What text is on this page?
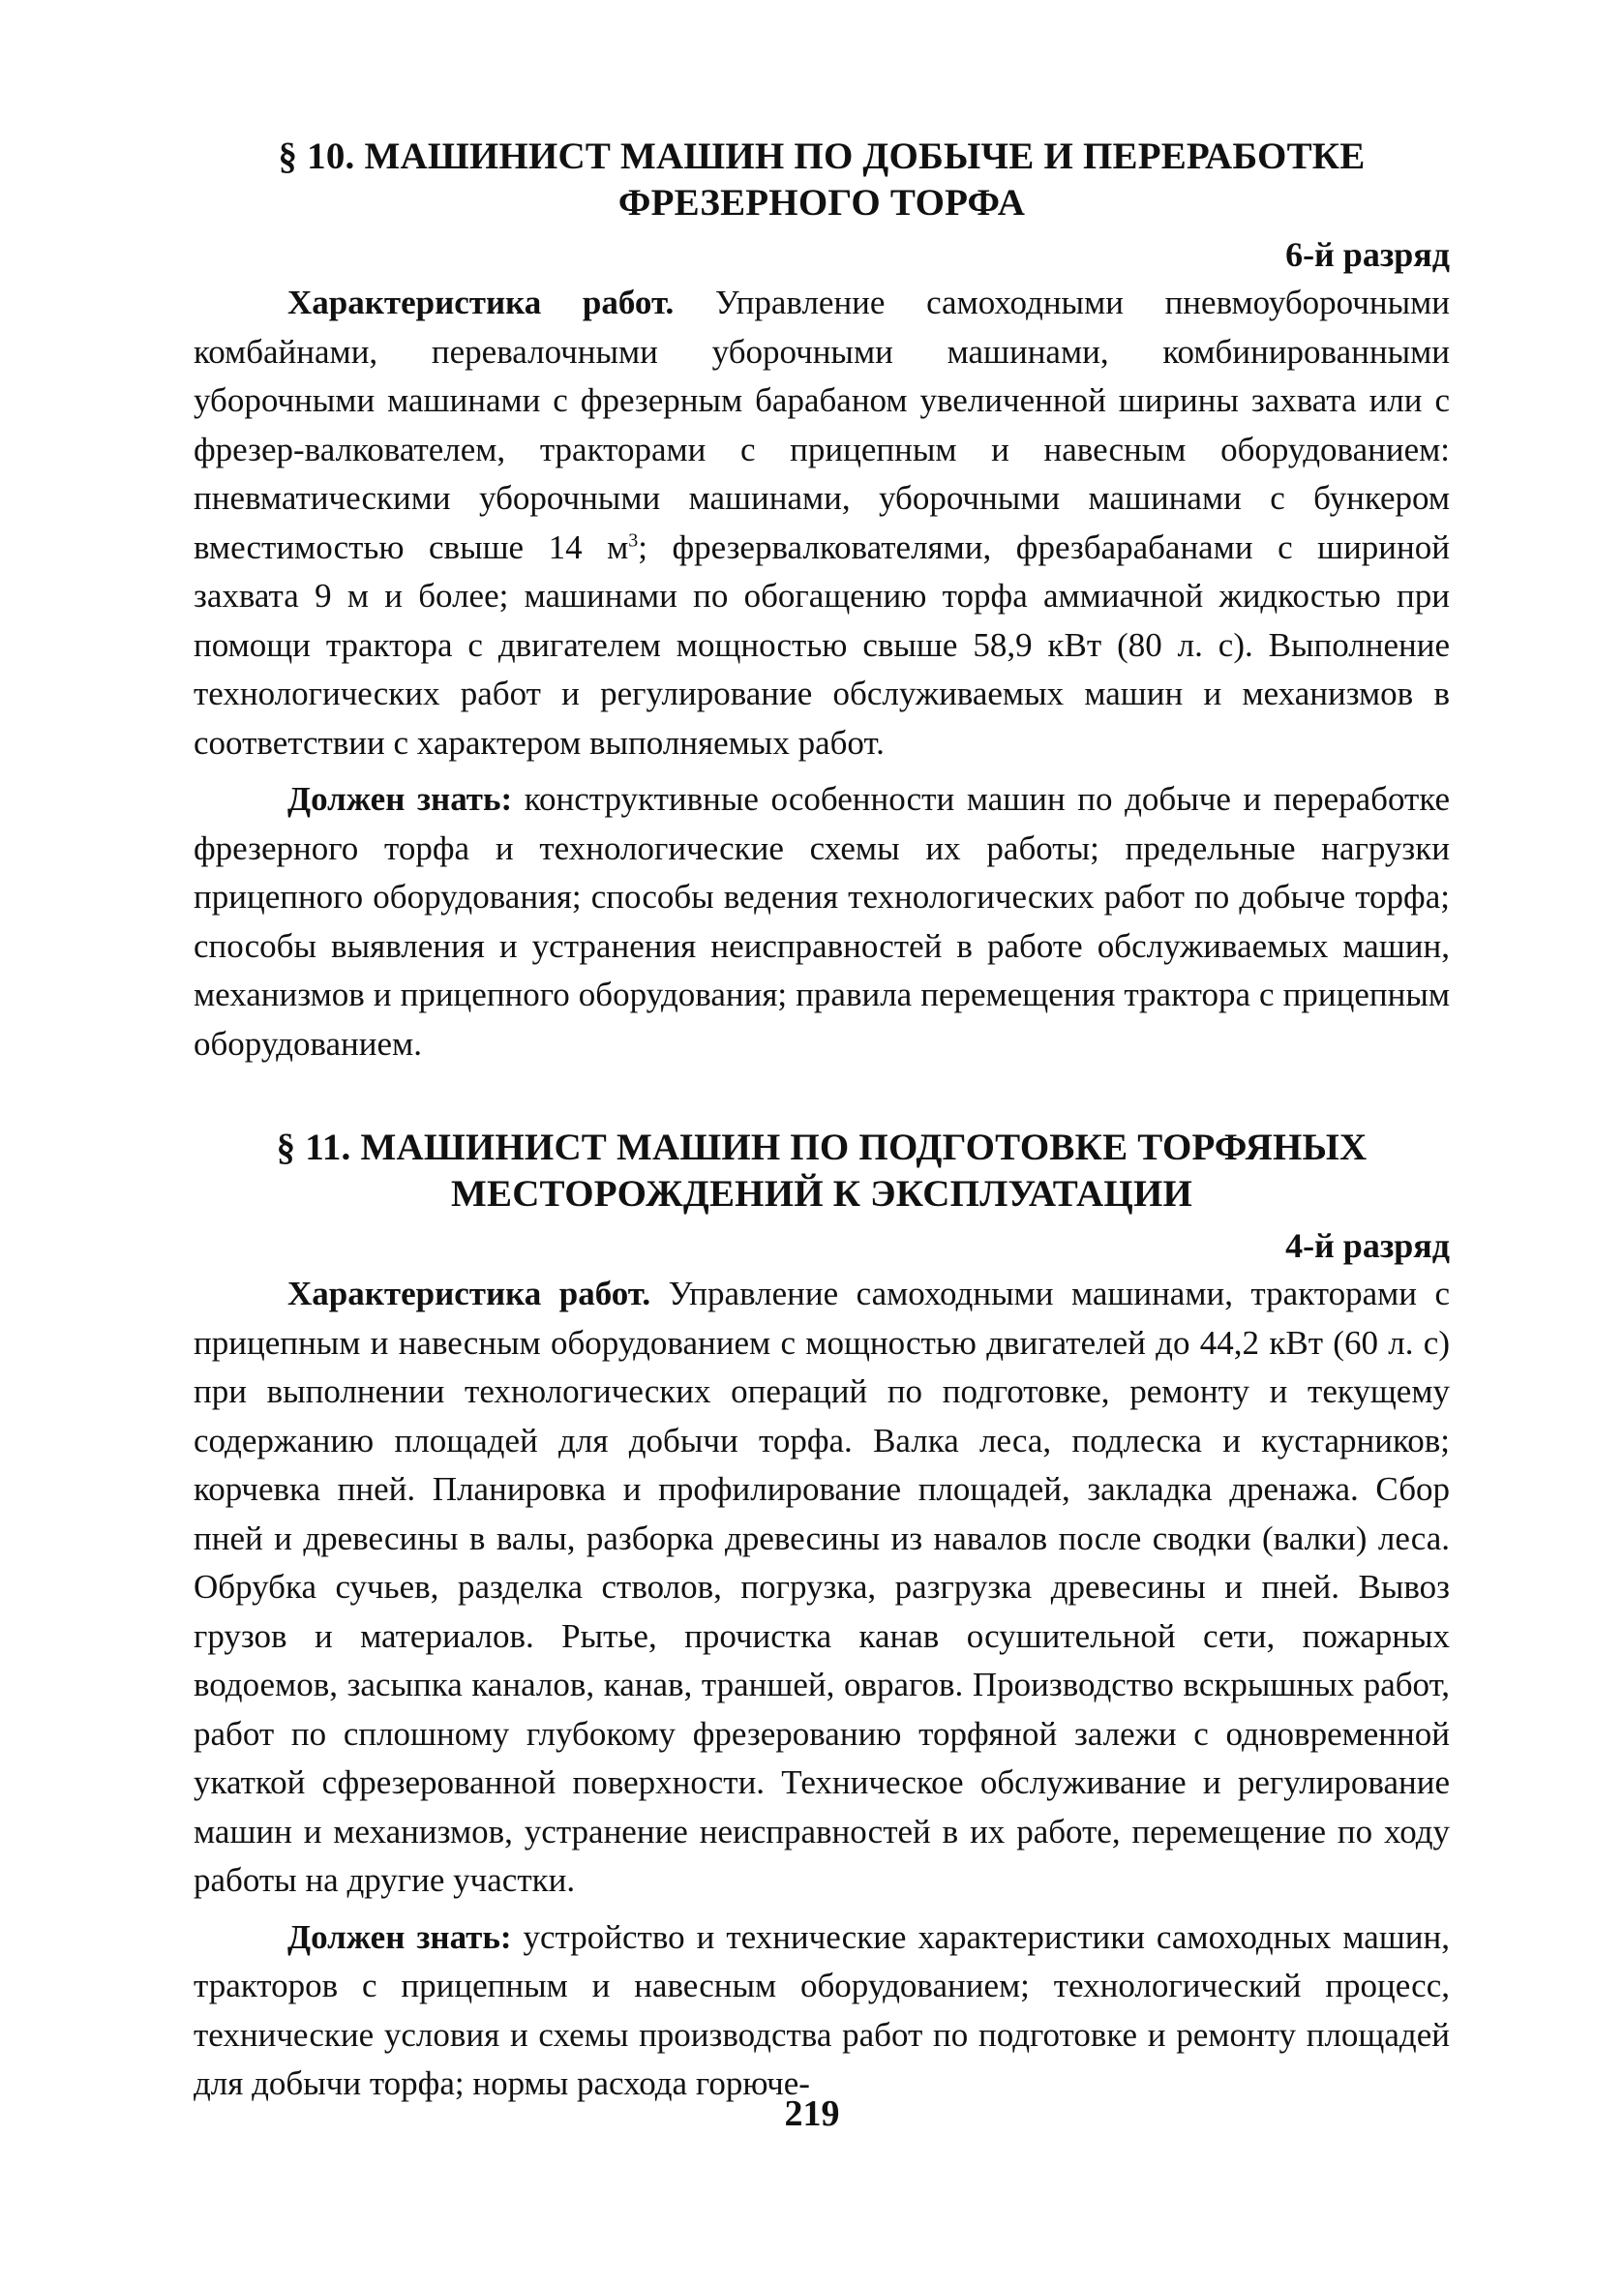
§ 10. МАШИНИСТ МАШИН ПО ДОБЫЧЕ И ПЕРЕРАБОТКЕ
ФРЕЗЕРНОГО ТОРФА

6-й разряд

Характеристика работ. Управление самоходными пневмоуборочными комбайнами, перевалочными уборочными машинами, комбинированными уборочными машинами с фрезерным барабаном увеличенной ширины захвата или с фрезер-валкователем, тракторами с прицепным и навесным оборудованием: пневматическими уборочными машинами, уборочными машинами с бункером вместимостью свыше 14 $м^3$; фрезервалкователями, фрезбарабанами с шириной захвата 9 м и более; машинами по обогащению торфа аммиачной жидкостью при помощи трактора с двигателем мощностью свыше 58,9 кВт (80 л. с). Выполнение технологических работ и регулирование обслуживаемых машин и механизмов в соответствии с характером выполняемых работ.

Должен знать: конструктивные особенности машин по добыче и переработке фрезерного торфа и технологические схемы их работы; предельные нагрузки прицепного оборудования; способы ведения технологических работ по добыче торфа; способы выявления и устранения неисправностей в работе обслуживаемых машин, механизмов и прицепного оборудования; правила перемещения трактора с прицепным оборудованием.

§ 11. МАШИНИСТ МАШИН ПО ПОДГОТОВКЕ ТОРФЯНЫХ
МЕСТОРОЖДЕНИЙ К ЭКСПЛУАТАЦИИ

4-й разряд

Характеристика работ. Управление самоходными машинами, тракторами с прицепным и навесным оборудованием с мощностью двигателей до 44,2 кВт (60 л. с) при выполнении технологических операций по подготовке, ремонту и текущему содержанию площадей для добычи торфа. Валка леса, подлеска и кустарников; корчевка пней. Планировка и профилирование площадей, закладка дренажа. Сбор пней и древесины в валы, разборка древесины из навалов после сводки (валки) леса. Обрубка сучьев, разделка стволов, погрузка, разгрузка древесины и пней. Вывоз грузов и материалов. Рытье, прочистка канав осушительной сети, пожарных водоемов, засыпка каналов, канав, траншей, оврагов. Производство вскрышных работ, работ по сплошному глубокому фрезерованию торфяной залежи с одновременной укаткой сфрезерованной поверхности. Техническое обслуживание и регулирование машин и механизмов, устранение неисправностей в их работе, перемещение по ходу работы на другие участки.

Должен знать: устройство и технические характеристики самоходных машин, тракторов с прицепным и навесным оборудованием; технологический процесс, технические условия и схемы производства работ по подготовке и ремонту площадей для добычи торфа; нормы расхода горюче-

219
